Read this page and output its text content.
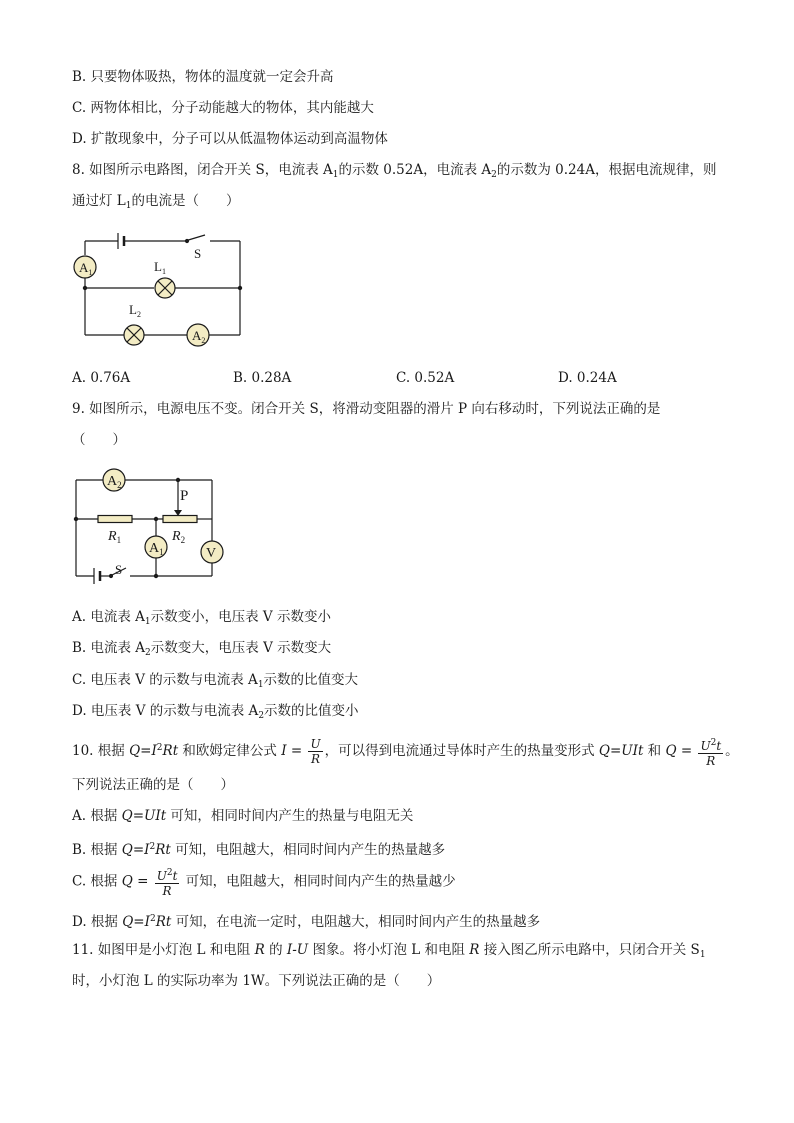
B. 只要物体吸热，物体的温度就一定会升高
C. 两物体相比，分子动能越大的物体，其内能越大
D. 扩散现象中，分子可以从低温物体运动到高温物体
8. 如图所示电路图，闭合开关 S，电流表 $A_1$的示数 0.52A，电流表 $A_2$的示数为 0.24A，根据电流规律，则
通过灯 $L_1$的电流是（　　）
$A_1$
$A_2$
$L_1$
$L_2$
S
A. 0.76A	B. 0.28A	C. 0.52A	D. 0.24A
9. 如图所示，电源电压不变。闭合开关 S，将滑动变阻器的滑片 P 向右移动时，下列说法正确的是
（　　）
$A_2$
$A_1$	V
P
S
$R_1$	$R_2$
A. 电流表 $A_1$示数变小，电压表 V 示数变小
B. 电流表 $A_2$示数变大，电压表 V 示数变大
C. 电压表 V 的示数与电流表 $A_1$示数的比值变大
D. 电压表 V 的示数与电流表 $A_2$示数的比值变小
10. 根据 $Q=I^2Rt$ 和欧姆定律公式 $I = \frac{U}{R}$ ，可以得到电流通过导体时产生的热量变形式 Q=UIt 和 $Q = \frac{U^2t}{R}$ 。
下列说法正确的是（　　）
A. 根据 Q=UIt 可知，相同时间内产生的热量与电阻无关
B. 根据 $Q=I^2Rt$ 可知，电阻越大，相同时间内产生的热量越多
C. 根据 $Q = \frac{U^2t}{R}$ 可知，电阻越大，相同时间内产生的热量越少
D. 根据 $Q=I^2Rt$ 可知，在电流一定时，电阻越大，相同时间内产生的热量越多
11. 如图甲是小灯泡 L 和电阻 R 的 I-U 图象。将小灯泡 L 和电阻 R 接入图乙所示电路中，只闭合开关 $S_1$
时，小灯泡 L 的实际功率为 1W。下列说法正确的是（　　）
